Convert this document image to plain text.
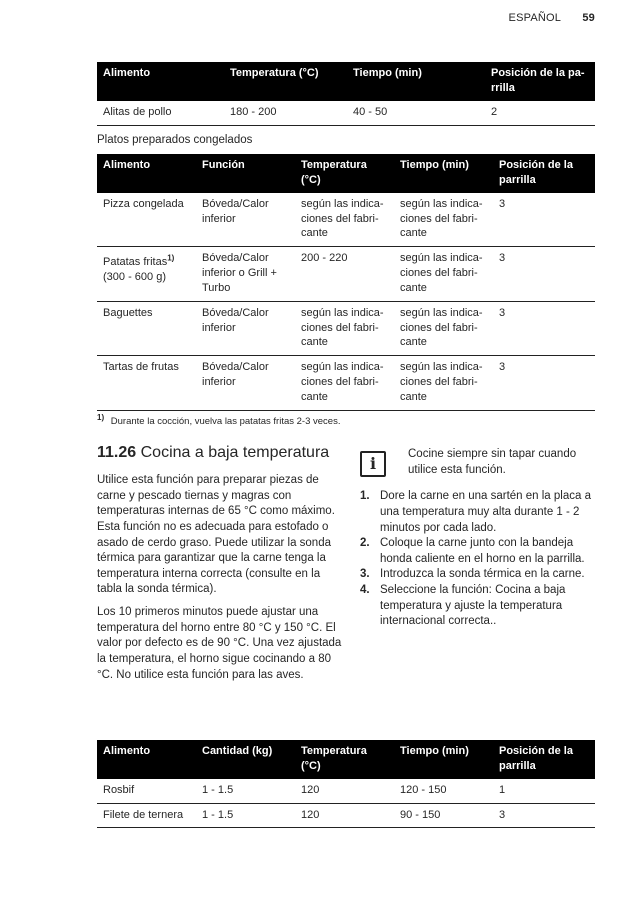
ESPAÑOL 59
Alimento	Temperatura (°C)	Tiempo (min)	Posición de la pa-
rrilla
Alitas de pollo	180 - 200	40 - 50	2
Platos preparados congelados
Alimento	Función	Temperatura
(°C)	Tiempo (min)	Posición de la
parrilla
Pizza congelada	Bóveda/Calor
inferior	según las indica-
ciones del fabri-
cante	según las indica-
ciones del fabri-
cante	3
Patatas fritas$^{1)}$
(300 - 600 g)	Bóveda/Calor
inferior o Grill +
Turbo	200 - 220	según las indica-
ciones del fabri-
cante	3
Baguettes	Bóveda/Calor
inferior	según las indica-
ciones del fabri-
cante	según las indica-
ciones del fabri-
cante	3
Tartas de frutas	Bóveda/Calor
inferior	según las indica-
ciones del fabri-
cante	según las indica-
ciones del fabri-
cante	3
$^{1)}$ Durante la cocción, vuelva las patatas fritas 2-3 veces.
11.26 Cocina a baja temperatura

Utilice esta función para preparar piezas de carne y pescado tiernas y magras con temperaturas internas de 65 °C como máximo. Esta función no es adecuada para estofado o asado de cerdo graso. Puede utilizar la sonda térmica para garantizar que la carne tenga la temperatura interna correcta (consulte en la tabla la sonda térmica).

Los 10 primeros minutos puede ajustar una temperatura del horno entre 80 °C y 150 °C. El valor por defecto es de 90 °C. Una vez ajustada la temperatura, el horno sigue cocinando a 80 °C. No utilice esta función para las aves.

i	Cocine siempre sin tapar cuando utilice esta función.
1. Dore la carne en una sartén en la placa a una temperatura muy alta durante 1 - 2 minutos por cada lado.
2. Coloque la carne junto con la bandeja honda caliente en el horno en la parrilla.
3. Introduzca la sonda térmica en la carne.
4. Seleccione la función: Cocina a baja temperatura y ajuste la temperatura internacional correcta..
Alimento	Cantidad (kg)	Temperatura
(°C)	Tiempo (min)	Posición de la
parrilla
Rosbif	1 - 1.5	120	120 - 150	1
Filete de ternera	1 - 1.5	120	90 - 150	3
